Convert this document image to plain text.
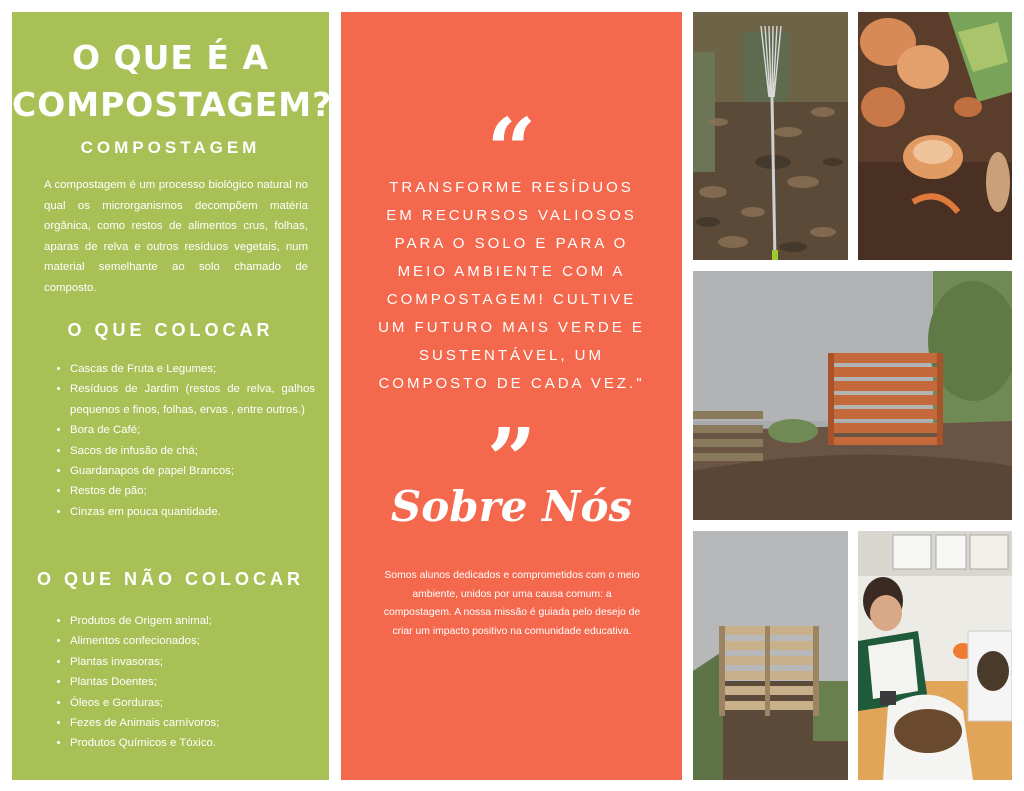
O QUE É A
COMPOSTAGEM?
COMPOSTAGEM

A compostagem é um processo biológico natural no qual os microrganismos decompõem matéria orgânica, como restos de alimentos crus, folhas, aparas de relva e outros resíduos vegetais, num material semelhante ao solo chamado de composto.

O QUE COLOCAR
• Cascas de Fruta e Legumes;
• Resíduos de Jardim (restos de relva, galhos pequenos e finos, folhas, ervas , entre outros.)
• Bora de Café;
• Sacos de infusão de chá;
• Guardanapos de papel Brancos;
• Restos de pão;
• Cinzas em pouca quantidade.
O QUE NÃO COLOCAR
• Produtos de Origem animal;
• Alimentos confecionados;
• Plantas invasoras;
• Plantas Doentes;
• Óleos e Gorduras;
• Fezes de Animais carnívoros;
• Produtos Químicos e Tóxico.
“

TRANSFORME RESÍDUOS EM RECURSOS VALIOSOS PARA O SOLO E PARA O MEIO AMBIENTE COM A COMPOSTAGEM! CULTIVE UM FUTURO MAIS VERDE E SUSTENTÁVEL, UM COMPOSTO DE CADA VEZ."

”
Sobre Nós

Somos alunos dedicados e comprometidos com o meio ambiente, unidos por uma causa comum: a compostagem. A nossa missão é guiada pelo desejo de criar um impacto positivo na comunidade educativa.
